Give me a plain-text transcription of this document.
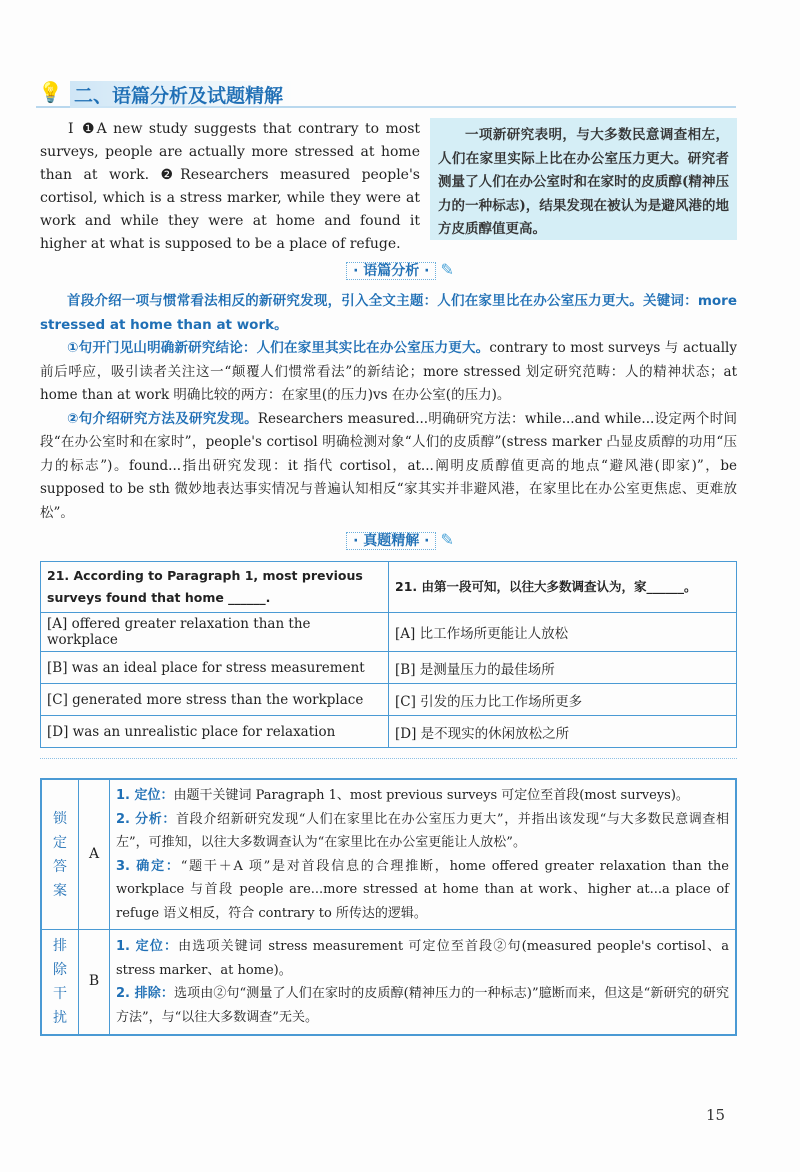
💡 二、语篇分析及试题精解
Ⅰ ❶A new study suggests that contrary to most surveys, people are actually more stressed at home than at work. ❷Researchers measured people's cortisol, which is a stress marker, while they were at work and while they were at home and found it higher at what is supposed to be a place of refuge.
一项新研究表明，与大多数民意调查相左，人们在家里实际上比在办公室压力更大。研究者测量了人们在办公室时和在家时的皮质醇(精神压力的一种标志)，结果发现在被认为是避风港的地方皮质醇值更高。
· 语篇分析 · ✎

首段介绍一项与惯常看法相反的新研究发现，引入全文主题：人们在家里比在办公室压力更大。关键词：more stressed at home than at work。

①句开门见山明确新研究结论：人们在家里其实比在办公室压力更大。contrary to most surveys 与 actually 前后呼应，吸引读者关注这一“颠覆人们惯常看法”的新结论；more stressed 划定研究范畴：人的精神状态；at home than at work 明确比较的两方：在家里(的压力)vs 在办公室(的压力)。

②句介绍研究方法及研究发现。Researchers measured...明确研究方法：while...and while...设定两个时间段“在办公室时和在家时”，people's cortisol 明确检测对象“人们的皮质醇”(stress marker 凸显皮质醇的功用“压力的标志”)。found...指出研究发现：it 指代 cortisol，at...阐明皮质醇值更高的地点“避风港(即家)”，be supposed to be sth 微妙地表达事实情况与普遍认知相反“家其实并非避风港，在家里比在办公室更焦虑、更难放松”。

· 真题精解 · ✎
21. According to Paragraph 1, most previous surveys found that home ______.	21. 由第一段可知，以往大多数调查认为，家______。
[A] offered greater relaxation than the workplace	[A] 比工作场所更能让人放松
[B] was an ideal place for stress measurement	[B] 是测量压力的最佳场所
[C] generated more stress than the workplace	[C] 引发的压力比工作场所更多
[D] was an unrealistic place for relaxation	[D] 是不现实的休闲放松之所
锁定答案	A	1. 定位：由题干关键词 Paragraph 1、most previous surveys 可定位至首段(most surveys)。

2. 分析：首段介绍新研究发现“人们在家里比在办公室压力更大”，并指出该发现“与大多数民意调查相左”，可推知，以往大多数调查认为“在家里比在办公室更能让人放松”。

3. 确定：“题干＋A 项”是对首段信息的合理推断，home offered greater relaxation than the workplace 与首段 people are...more stressed at home than at work、higher at...a place of refuge 语义相反，符合 contrary to 所传达的逻辑。

排除干扰	B	1. 定位：由选项关键词 stress measurement 可定位至首段②句(measured people's cortisol、a stress marker、at home)。

2. 排除：选项由②句“测量了人们在家时的皮质醇(精神压力的一种标志)”臆断而来，但这是“新研究的研究方法”，与“以往大多数调查”无关。

15
